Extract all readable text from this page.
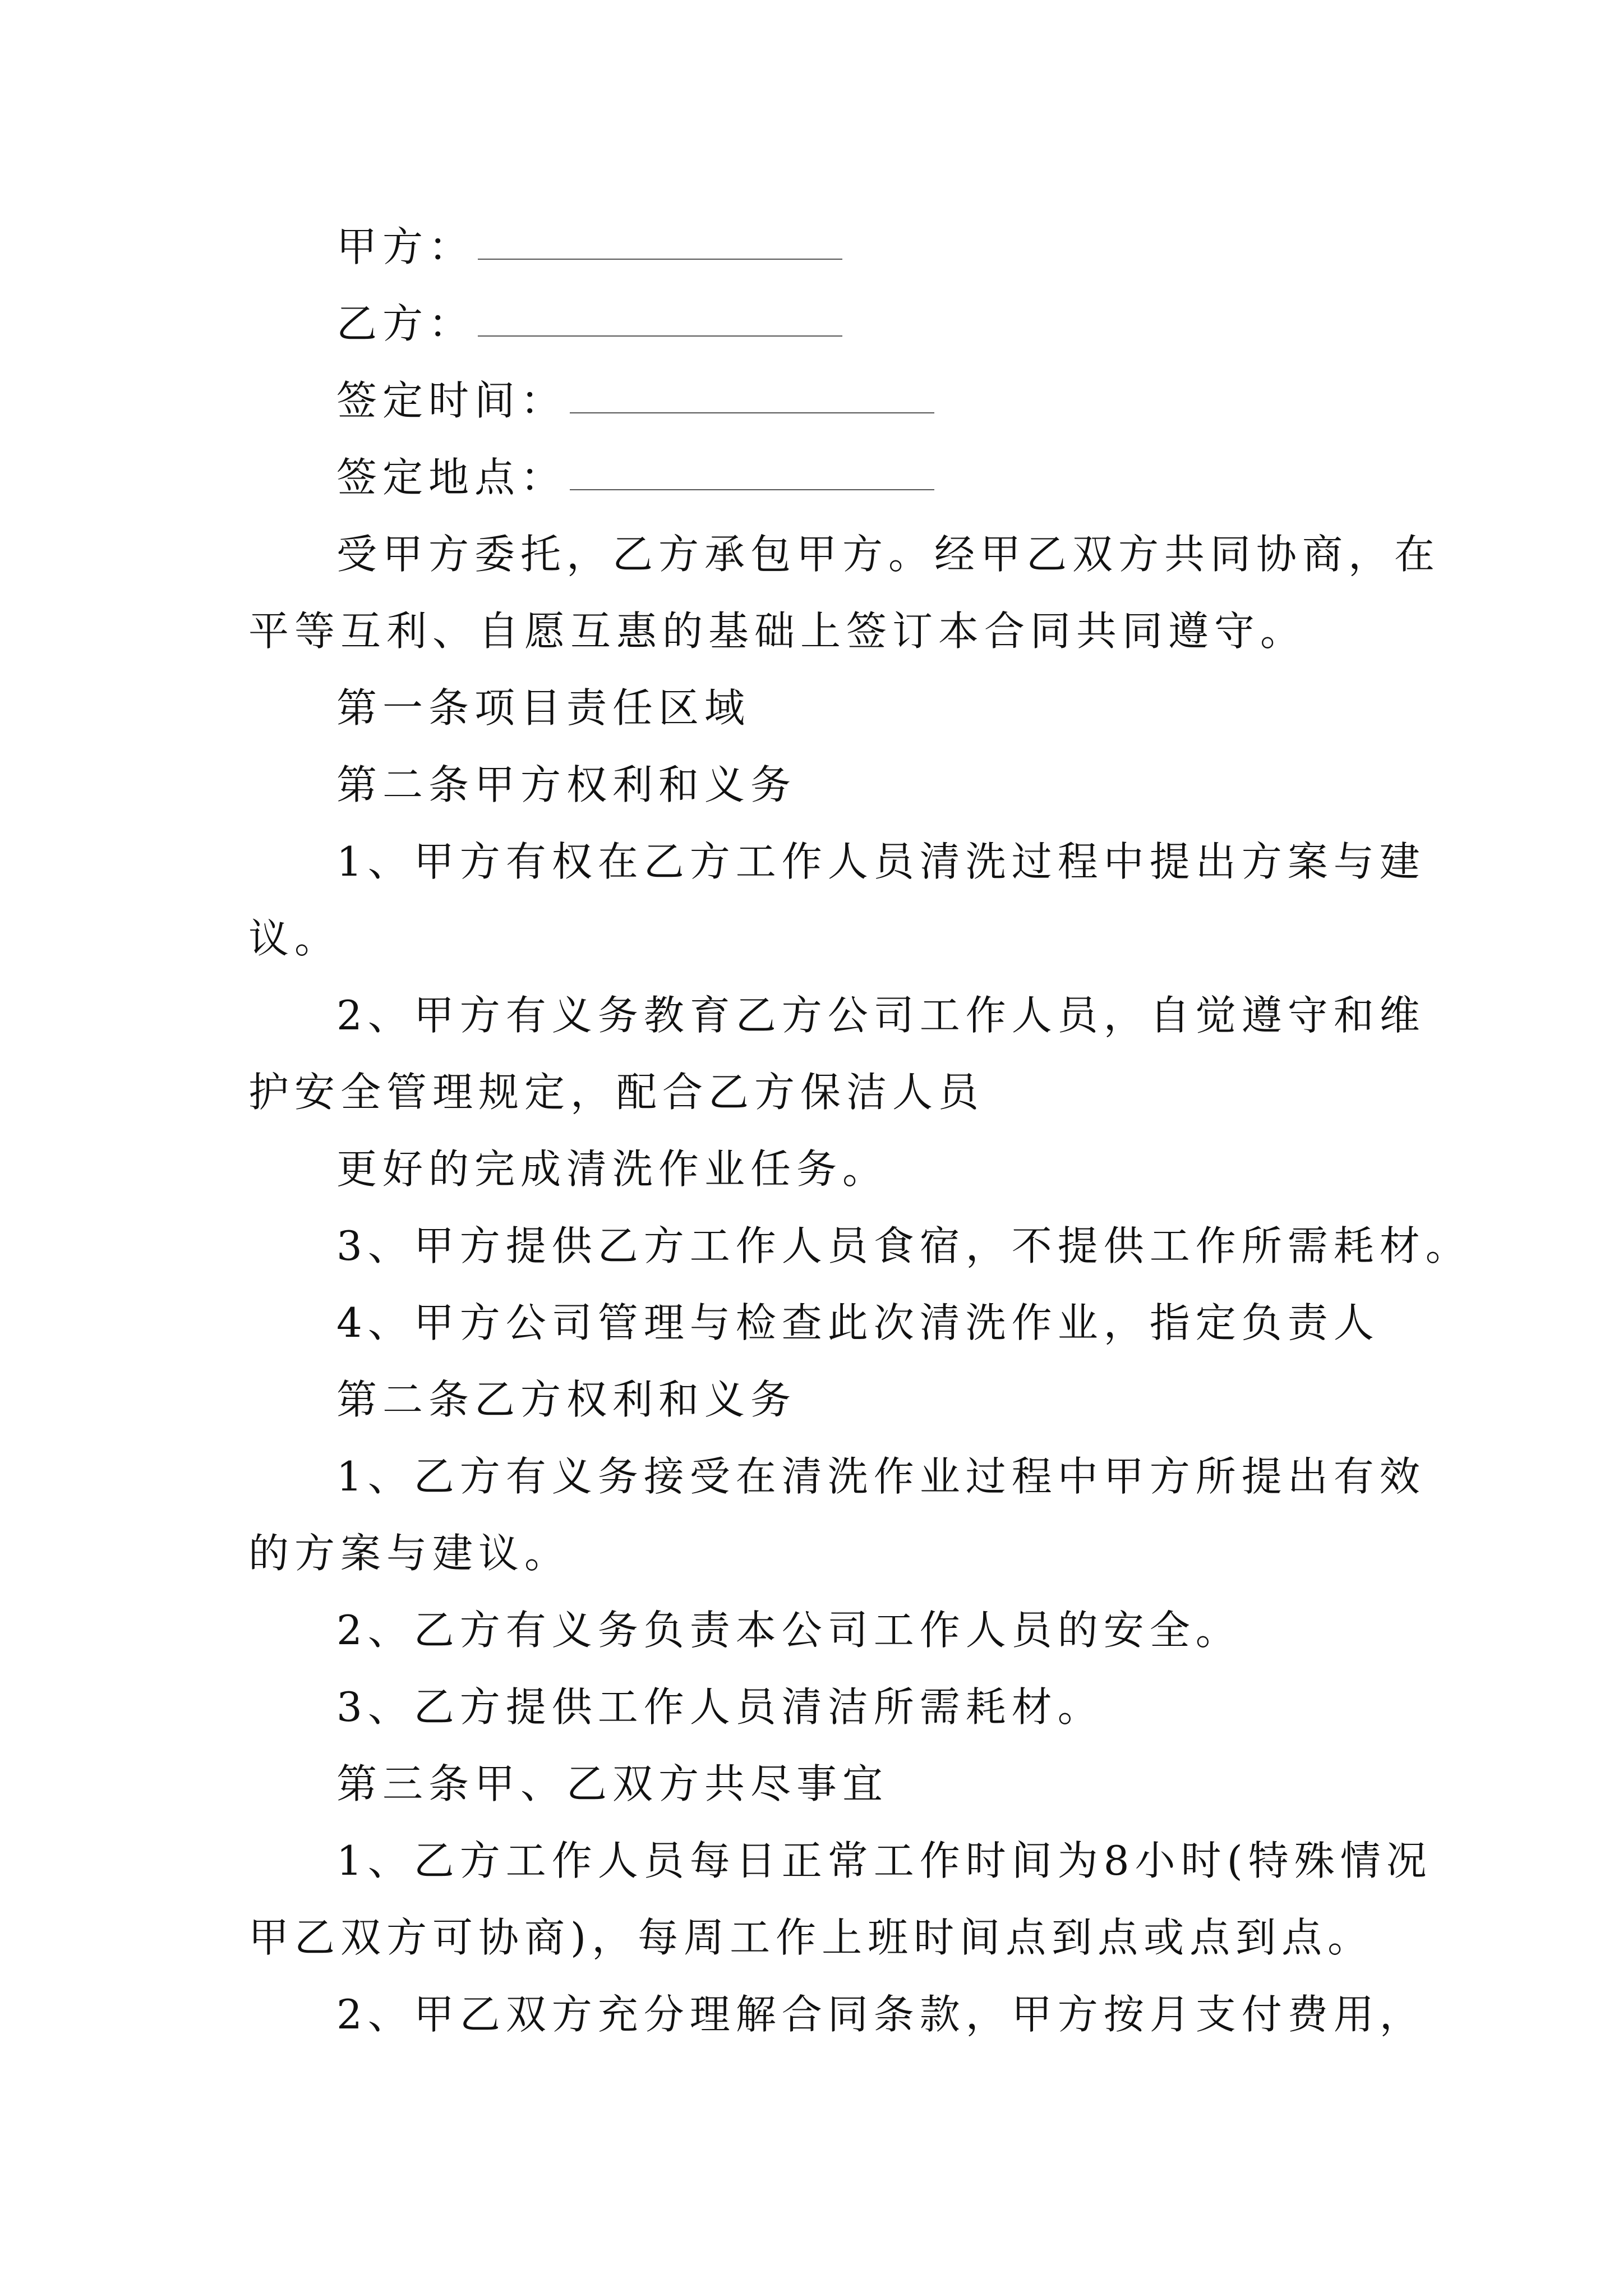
甲方：
乙方：
签定时间：
签定地点：
受甲方委托，乙方承包甲方。经甲乙双方共同协商，在
平等互利、自愿互惠的基础上签订本合同共同遵守。
第一条项目责任区域
第二条甲方权利和义务
1、甲方有权在乙方工作人员清洗过程中提出方案与建
议。
2、甲方有义务教育乙方公司工作人员，自觉遵守和维
护安全管理规定，配合乙方保洁人员
更好的完成清洗作业任务。
3、甲方提供乙方工作人员食宿，不提供工作所需耗材。
4、甲方公司管理与检查此次清洗作业，指定负责人
第二条乙方权利和义务
1、乙方有义务接受在清洗作业过程中甲方所提出有效
的方案与建议。
2、乙方有义务负责本公司工作人员的安全。
3、乙方提供工作人员清洁所需耗材。
第三条甲、乙双方共尽事宜
1、乙方工作人员每日正常工作时间为8小时(特殊情况
甲乙双方可协商)，每周工作上班时间点到点或点到点。
2、甲乙双方充分理解合同条款，甲方按月支付费用，
